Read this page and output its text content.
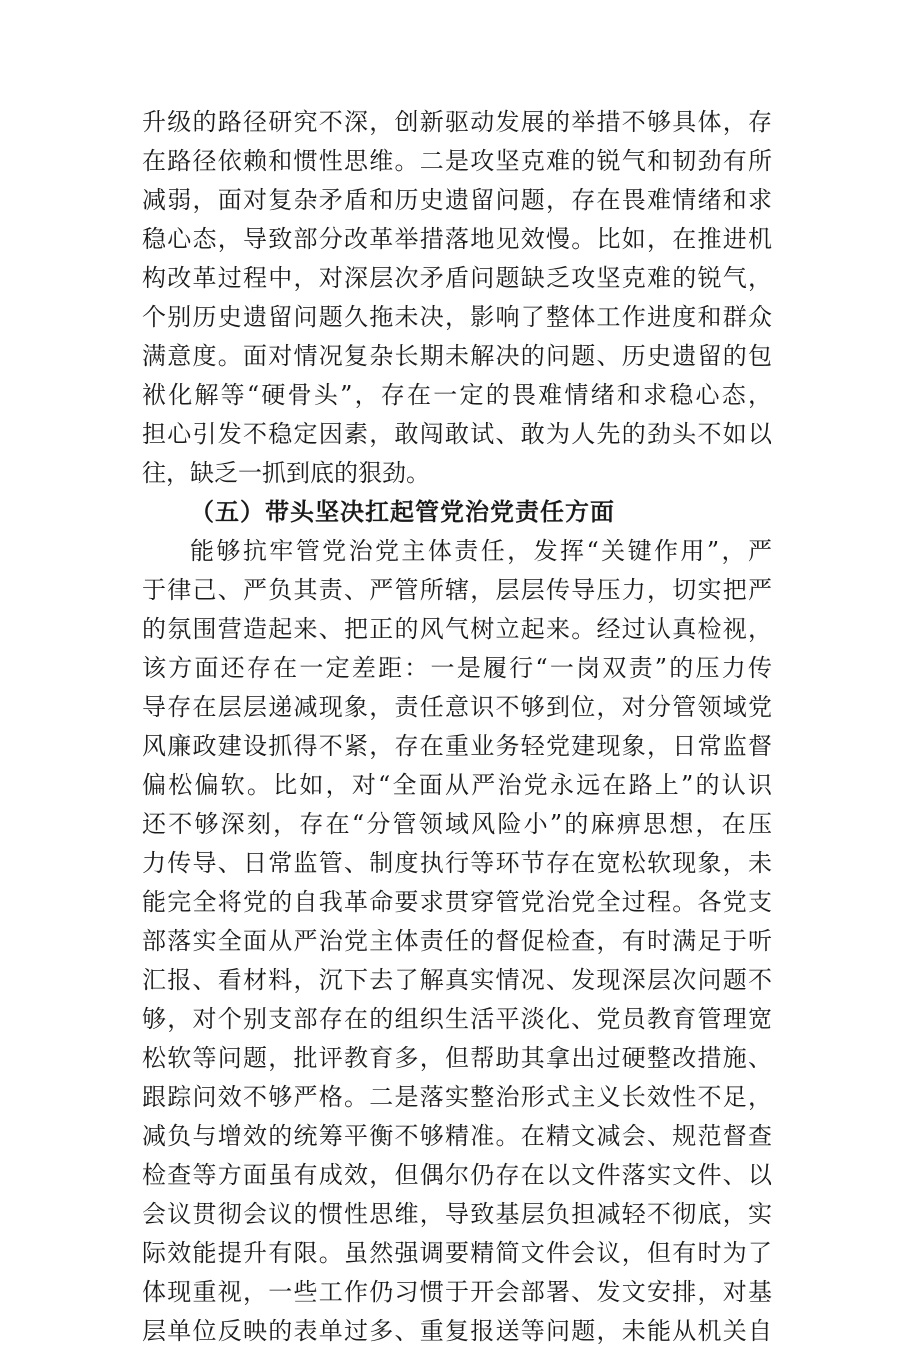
升级的路径研究不深，创新驱动发展的举措不够具体，存
在路径依赖和惯性思维。二是攻坚克难的锐气和韧劲有所
减弱，面对复杂矛盾和历史遗留问题，存在畏难情绪和求
稳心态，导致部分改革举措落地见效慢。比如，在推进机
构改革过程中，对深层次矛盾问题缺乏攻坚克难的锐气，
个别历史遗留问题久拖未决，影响了整体工作进度和群众
满意度。面对情况复杂长期未解决的问题、历史遗留的包
袱化解等“硬骨头”，存在一定的畏难情绪和求稳心态，
担心引发不稳定因素，敢闯敢试、敢为人先的劲头不如以
往，缺乏一抓到底的狠劲。
（五）带头坚决扛起管党治党责任方面
能够抗牢管党治党主体责任，发挥“关键作用”，严
于律己、严负其责、严管所辖，层层传导压力，切实把严
的氛围营造起来、把正的风气树立起来。经过认真检视，
该方面还存在一定差距：一是履行“一岗双责”的压力传
导存在层层递减现象，责任意识不够到位，对分管领域党
风廉政建设抓得不紧，存在重业务轻党建现象，日常监督
偏松偏软。比如，对“全面从严治党永远在路上”的认识
还不够深刻，存在“分管领域风险小”的麻痹思想，在压
力传导、日常监管、制度执行等环节存在宽松软现象，未
能完全将党的自我革命要求贯穿管党治党全过程。各党支
部落实全面从严治党主体责任的督促检查，有时满足于听
汇报、看材料，沉下去了解真实情况、发现深层次问题不
够，对个别支部存在的组织生活平淡化、党员教育管理宽
松软等问题，批评教育多，但帮助其拿出过硬整改措施、
跟踪问效不够严格。二是落实整治形式主义长效性不足，
减负与增效的统筹平衡不够精准。在精文减会、规范督查
检查等方面虽有成效，但偶尔仍存在以文件落实文件、以
会议贯彻会议的惯性思维，导致基层负担减轻不彻底，实
际效能提升有限。虽然强调要精简文件会议，但有时为了
体现重视，一些工作仍习惯于开会部署、发文安排，对基
层单位反映的表单过多、重复报送等问题，未能从机关自
